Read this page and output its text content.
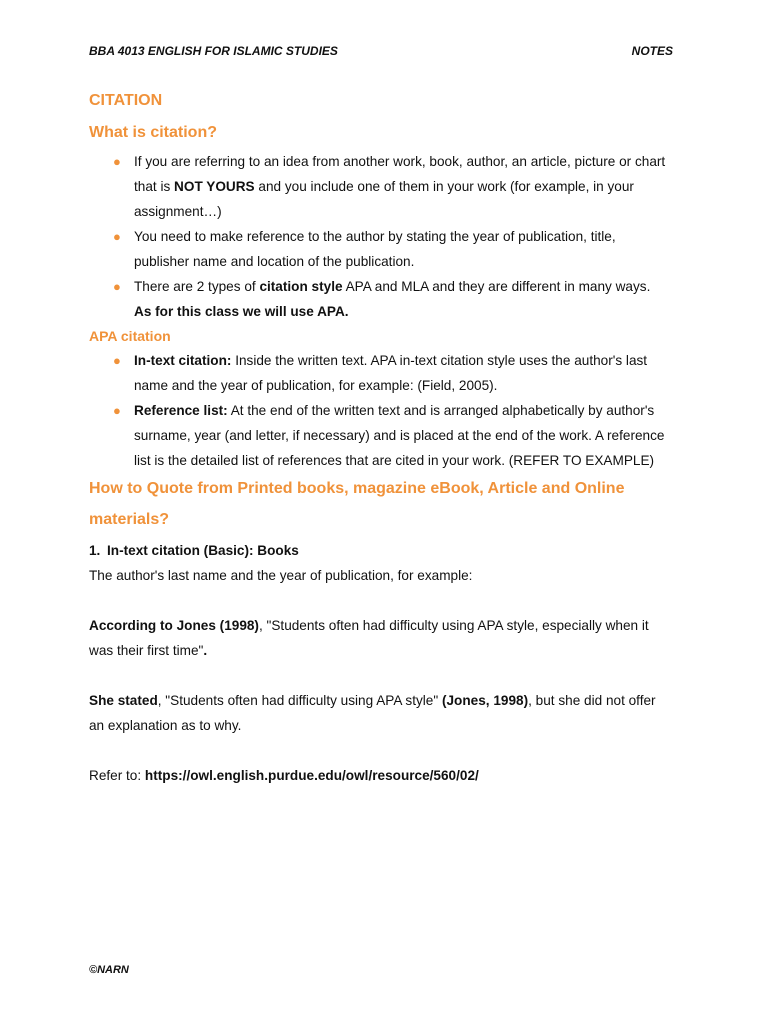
BBA 4013 ENGLISH FOR ISLAMIC STUDIES	NOTES
CITATION
What is citation?
● If you are referring to an idea from another work, book, author, an article, picture or chart
that is NOT YOURS and you include one of them in your work (for example, in your
assignment…)
● You need to make reference to the author by stating the year of publication, title,
publisher name and location of the publication.
● There are 2 types of citation style APA and MLA and they are different in many ways.
As for this class we will use APA.
APA citation
● In-text citation: Inside the written text. APA in-text citation style uses the author's last
name and the year of publication, for example: (Field, 2005).
● Reference list: At the end of the written text and is arranged alphabetically by author's
surname, year (and letter, if necessary) and is placed at the end of the work. A reference
list is the detailed list of references that are cited in your work. (REFER TO EXAMPLE)
How to Quote from Printed books, magazine eBook, Article and Online
materials?
1. In-text citation (Basic): Books
The author's last name and the year of publication, for example:
According to Jones (1998), "Students often had difficulty using APA style, especially when it
was their first time".
She stated, "Students often had difficulty using APA style" (Jones, 1998), but she did not offer
an explanation as to why.
Refer to: https://owl.english.purdue.edu/owl/resource/560/02/
©NARN
